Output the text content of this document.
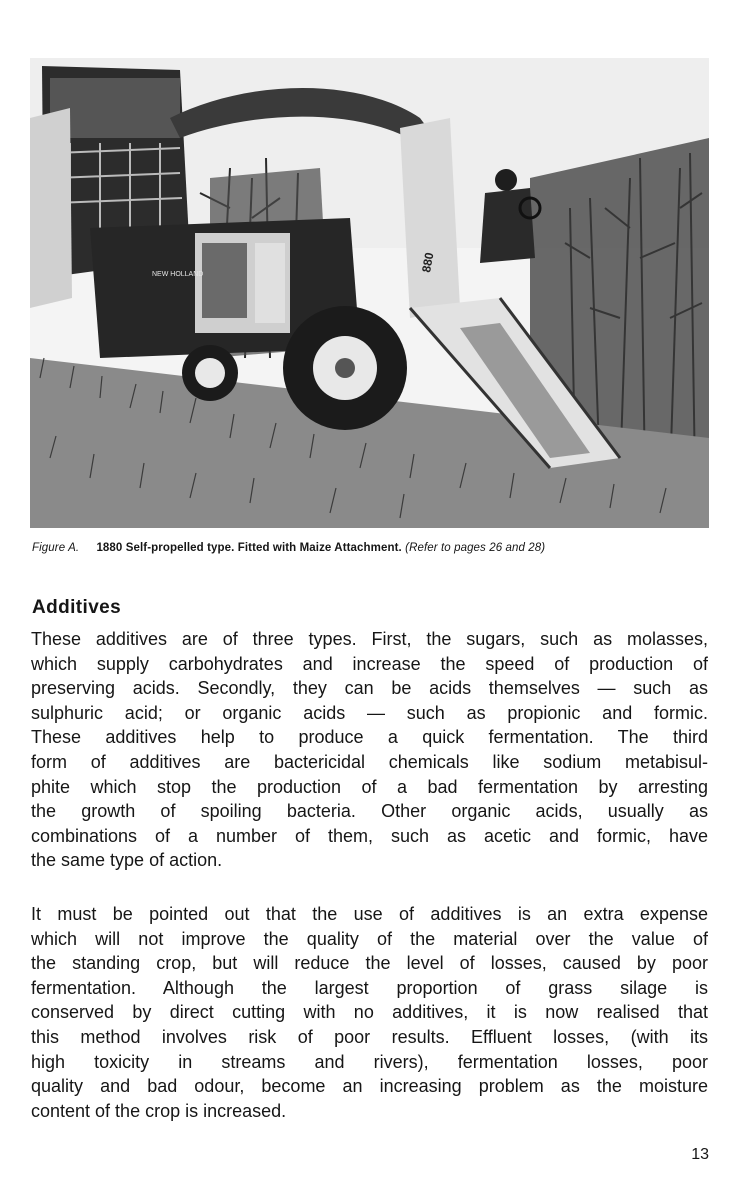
NEW HOLLAND
880
Figure A. 1880 Self-propelled type. Fitted with Maize Attachment. (Refer to pages 26 and 28)
Additives

These additives are of three types. First, the sugars, such as molasses,
which supply carbohydrates and increase the speed of production of
preserving acids. Secondly, they can be acids themselves — such as
sulphuric acid; or organic acids — such as propionic and formic.
These additives help to produce a quick fermentation. The third
form of additives are bactericidal chemicals like sodium metabisul-
phite which stop the production of a bad fermentation by arresting
the growth of spoiling bacteria. Other organic acids, usually as
combinations of a number of them, such as acetic and formic, have
the same type of action.

It must be pointed out that the use of additives is an extra expense
which will not improve the quality of the material over the value of
the standing crop, but will reduce the level of losses, caused by poor
fermentation. Although the largest proportion of grass silage is
conserved by direct cutting with no additives, it is now realised that
this method involves risk of poor results. Effluent losses, (with its
high toxicity in streams and rivers), fermentation losses, poor
quality and bad odour, become an increasing problem as the moisture
content of the crop is increased.

13
